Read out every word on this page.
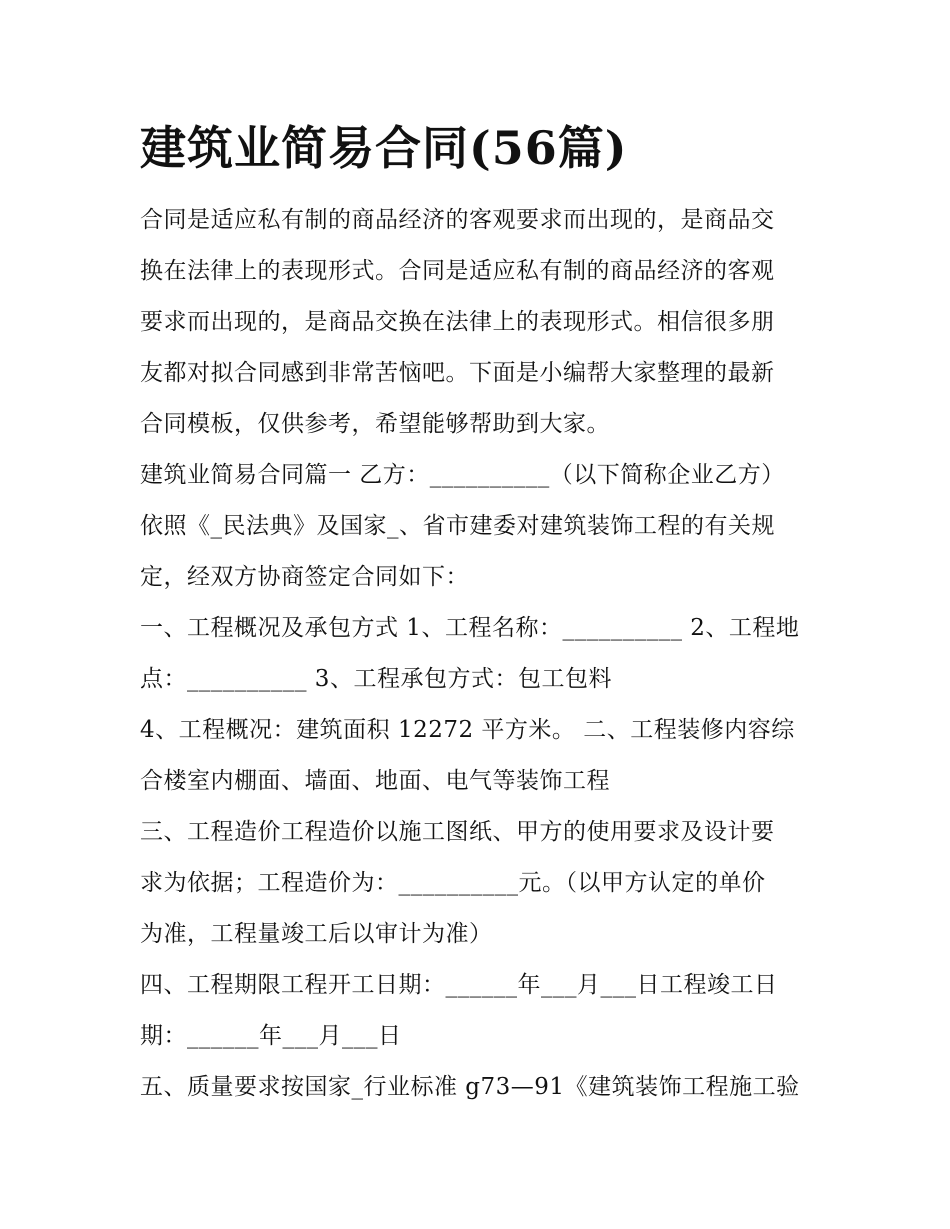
建筑业简易合同(56篇)
合同是适应私有制的商品经济的客观要求而出现的，是商品交
换在法律上的表现形式。合同是适应私有制的商品经济的客观
要求而出现的，是商品交换在法律上的表现形式。相信很多朋
友都对拟合同感到非常苦恼吧。下面是小编帮大家整理的最新
合同模板，仅供参考，希望能够帮助到大家。
建筑业简易合同篇一 乙方：__________（以下简称企业乙方）
依照《_民法典》及国家_、省市建委对建筑装饰工程的有关规
定，经双方协商签定合同如下：
一、工程概况及承包方式 1、工程名称：__________ 2、工程地
点：__________ 3、工程承包方式：包工包料
4、工程概况：建筑面积 12272 平方米。 二、工程装修内容综
合楼室内棚面、墙面、地面、电气等装饰工程
三、工程造价工程造价以施工图纸、甲方的使用要求及设计要
求为依据；工程造价为：__________元。（以甲方认定的单价
为准，工程量竣工后以审计为准）
四、工程期限工程开工日期：______年___月___日工程竣工日
期：______年___月___日
五、质量要求按国家_行业标准 g73—91《建筑装饰工程施工验
